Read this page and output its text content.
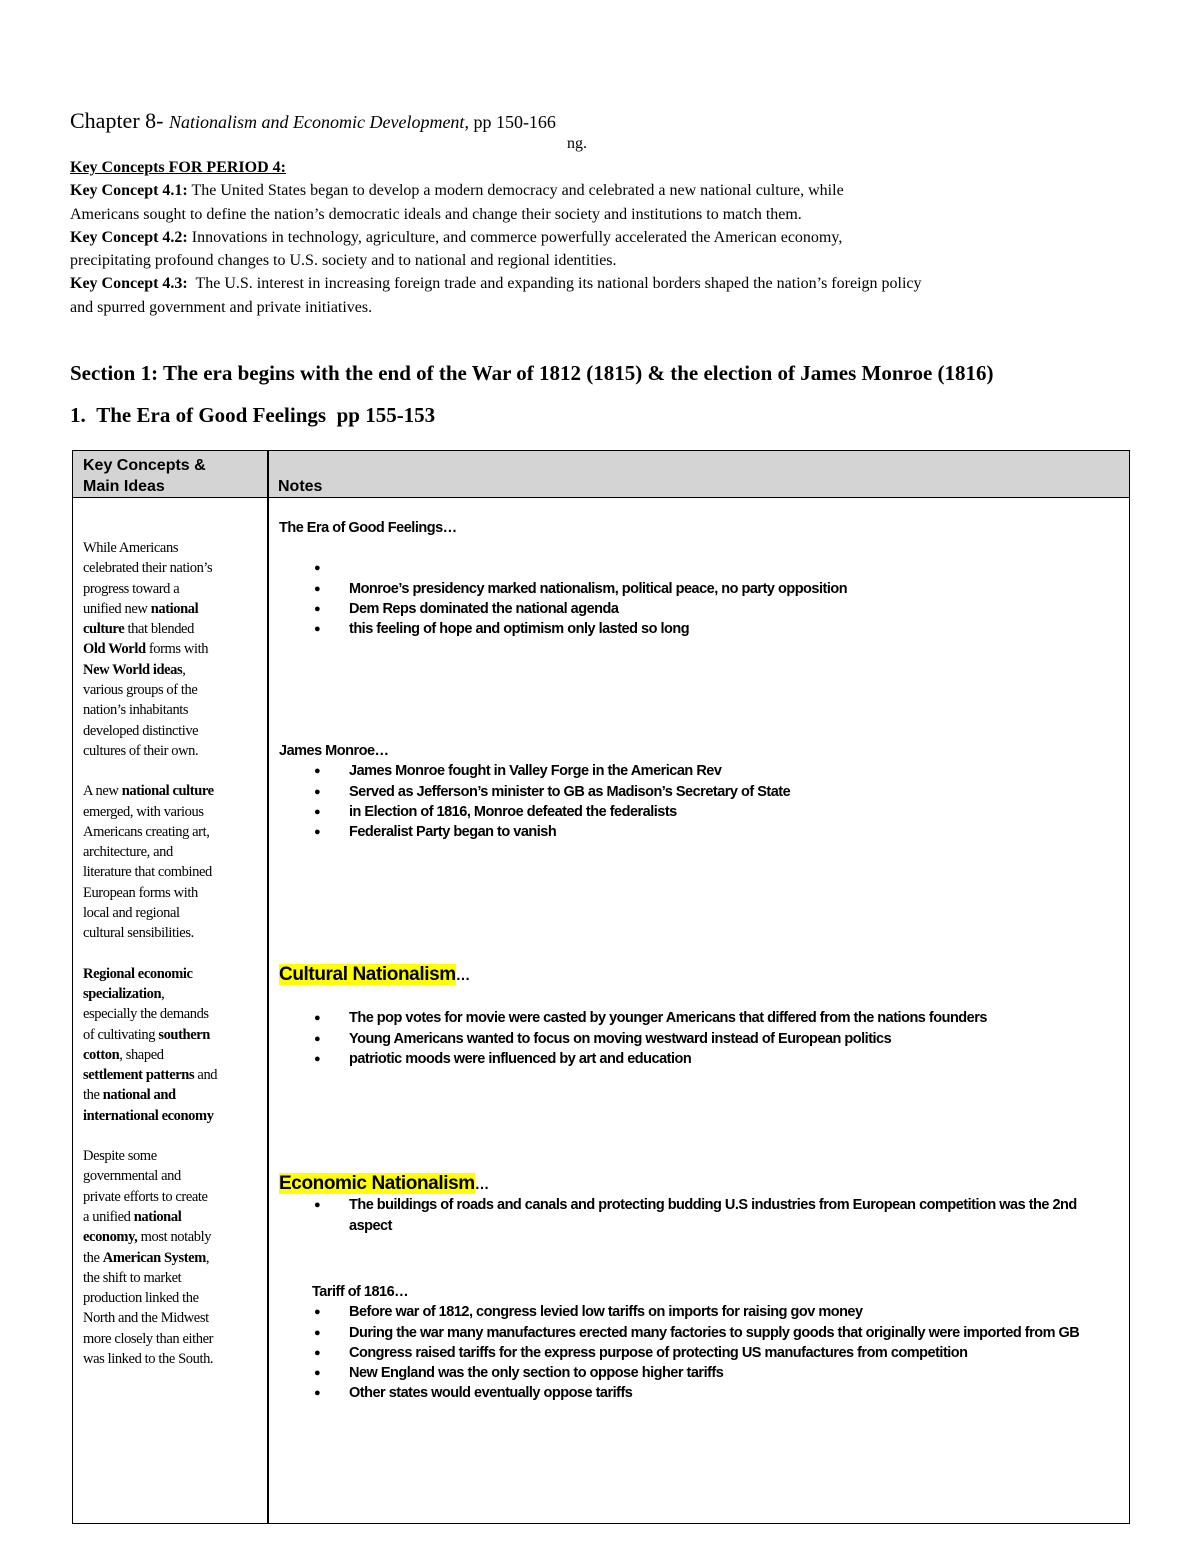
Chapter 8- Nationalism and Economic Development, pp 150-166
ng.
Key Concepts FOR PERIOD 4:
Key Concept 4.1: The United States began to develop a modern democracy and celebrated a new national culture, while
Americans sought to define the nation’s democratic ideals and change their society and institutions to match them.
Key Concept 4.2: Innovations in technology, agriculture, and commerce powerfully accelerated the American economy,
precipitating profound changes to U.S. society and to national and regional identities.
Key Concept 4.3:  The U.S. interest in increasing foreign trade and expanding its national borders shaped the nation’s foreign policy
and spurred government and private initiatives.
Section 1: The era begins with the end of the War of 1812 (1815) & the election of James Monroe (1816)
1. The Era of Good Feelings  pp 155-153
Key Concepts &
Main Ideas	Notes

While Americans
celebrated their nation’s
progress toward a
unified new national
culture that blended
Old World forms with
New World ideas,
various groups of the
nation’s inhabitants
developed distinctive
cultures of their own.

A new national culture
emerged, with various
Americans creating art,
architecture, and
literature that combined
European forms with
local and regional
cultural sensibilities.

Regional economic
specialization,
especially the demands
of cultivating southern
cotton, shaped
settlement patterns and
the national and
international economy

Despite some
governmental and
private efforts to create
a unified national
economy, most notably
the American System,
the shift to market
production linked the
North and the Midwest
more closely than either
was linked to the South.

The Era of Good Feelings…
●
● Monroe’s presidency marked nationalism, political peace, no party opposition
● Dem Reps dominated the national agenda
● this feeling of hope and optimism only lasted so long
James Monroe…
● James Monroe fought in Valley Forge in the American Rev
● Served as Jefferson’s minister to GB as Madison’s Secretary of State
● in Election of 1816, Monroe defeated the federalists
● Federalist Party began to vanish
Cultural Nationalism…
● The pop votes for movie were casted by younger Americans that differed from the nations founders
● Young Americans wanted to focus on moving westward instead of European politics
● patriotic moods were influenced by art and education
Economic Nationalism…
● The buildings of roads and canals and protecting budding U.S industries from European competition was the 2nd aspect
Tariff of 1816…
● Before war of 1812, congress levied low tariffs on imports for raising gov money
● During the war many manufactures erected many factories to supply goods that originally were imported from GB
● Congress raised tariffs for the express purpose of protecting US manufactures from competition
● New England was the only section to oppose higher tariffs
● Other states would eventually oppose tariffs
